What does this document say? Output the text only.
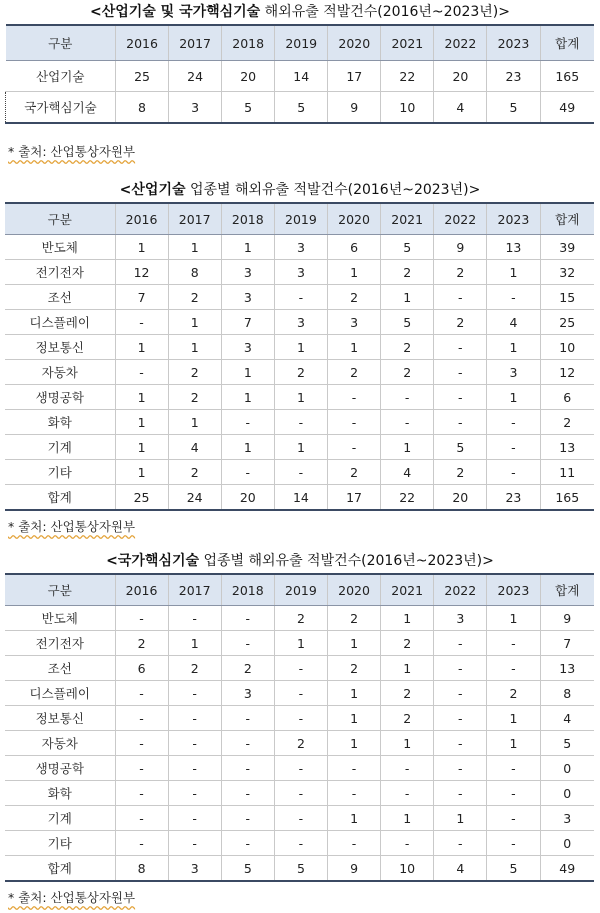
<산업기술 및 국가핵심기술 해외유출 적발건수(2016년~2023년)>
구분	2016	2017	2018	2019	2020	2021	2022	2023	합계
산업기술	25	24	20	14	17	22	20	23	165
국가핵심기술	8	3	5	5	9	10	4	5	49
* 출처: 산업통상자원부
<산업기술 업종별 해외유출 적발건수(2016년~2023년)>
구분	2016	2017	2018	2019	2020	2021	2022	2023	합계
반도체	1	1	1	3	6	5	9	13	39
전기전자	12	8	3	3	1	2	2	1	32
조선	7	2	3	-	2	1	-	-	15
디스플레이	-	1	7	3	3	5	2	4	25
정보통신	1	1	3	1	1	2	-	1	10
자동차	-	2	1	2	2	2	-	3	12
생명공학	1	2	1	1	-	-	-	1	6
화학	1	1	-	-	-	-	-	-	2
기계	1	4	1	1	-	1	5	-	13
기타	1	2	-	-	2	4	2	-	11
합계	25	24	20	14	17	22	20	23	165
* 출처: 산업통상자원부
<국가핵심기술 업종별 해외유출 적발건수(2016년~2023년)>
구분	2016	2017	2018	2019	2020	2021	2022	2023	합계
반도체	-	-	-	2	2	1	3	1	9
전기전자	2	1	-	1	1	2	-	-	7
조선	6	2	2	-	2	1	-	-	13
디스플레이	-	-	3	-	1	2	-	2	8
정보통신	-	-	-	-	1	2	-	1	4
자동차	-	-	-	2	1	1	-	1	5
생명공학	-	-	-	-	-	-	-	-	0
화학	-	-	-	-	-	-	-	-	0
기계	-	-	-	-	1	1	1	-	3
기타	-	-	-	-	-	-	-	-	0
합계	8	3	5	5	9	10	4	5	49
* 출처: 산업통상자원부
